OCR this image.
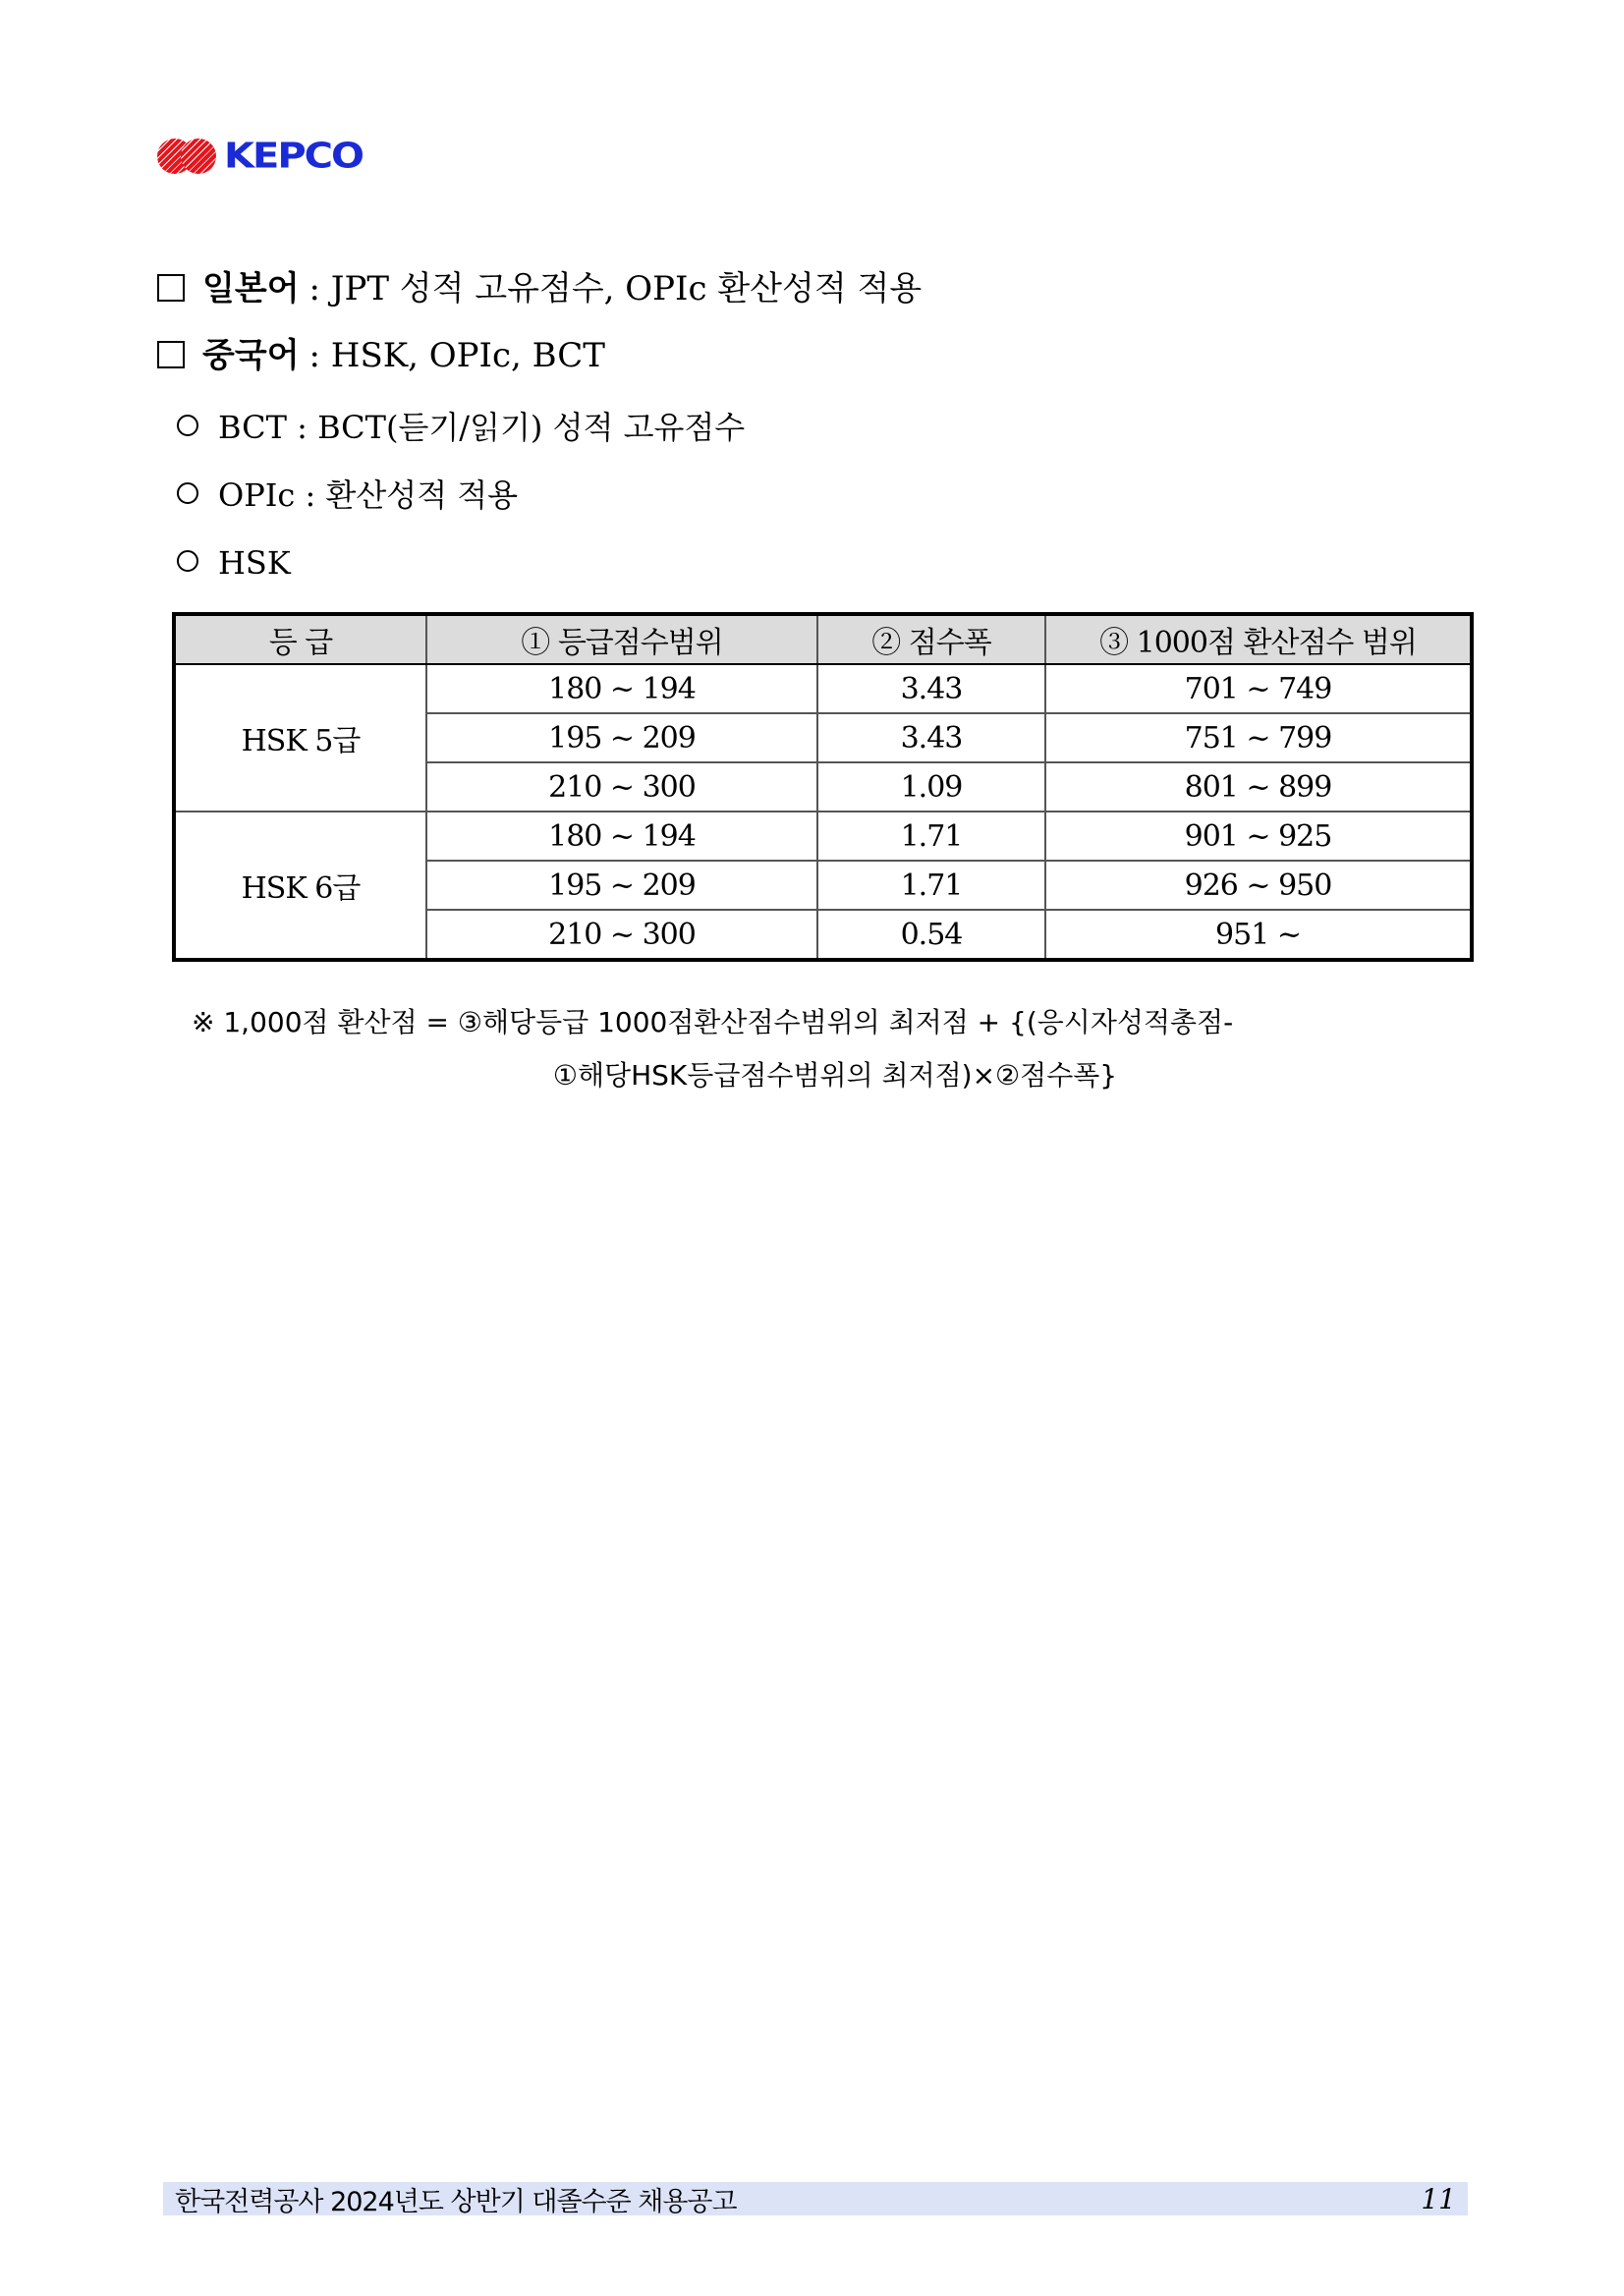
KEPCO
일본어 : JPT 성적 고유점수, OPIc 환산성적 적용
중국어 : HSK, OPIc, BCT
BCT : BCT(듣기/읽기) 성적 고유점수
OPIc : 환산성적 적용
HSK
등 급	① 등급점수범위	② 점수폭	③ 1000점 환산점수 범위
HSK 5급	180 ~ 194	3.43	701 ~ 749
	195 ~ 209	3.43	751 ~ 799
	210 ~ 300	1.09	801 ~ 899
HSK 6급	180 ~ 194	1.71	901 ~ 925
	195 ~ 209	1.71	926 ~ 950
	210 ~ 300	0.54	951 ~
※ 1,000점 환산점 = ③해당등급 1000점환산점수범위의 최저점 + {(응시자성적총점-
①해당HSK등급점수범위의 최저점)×②점수폭}
한국전력공사 2024년도 상반기 대졸수준 채용공고	11
